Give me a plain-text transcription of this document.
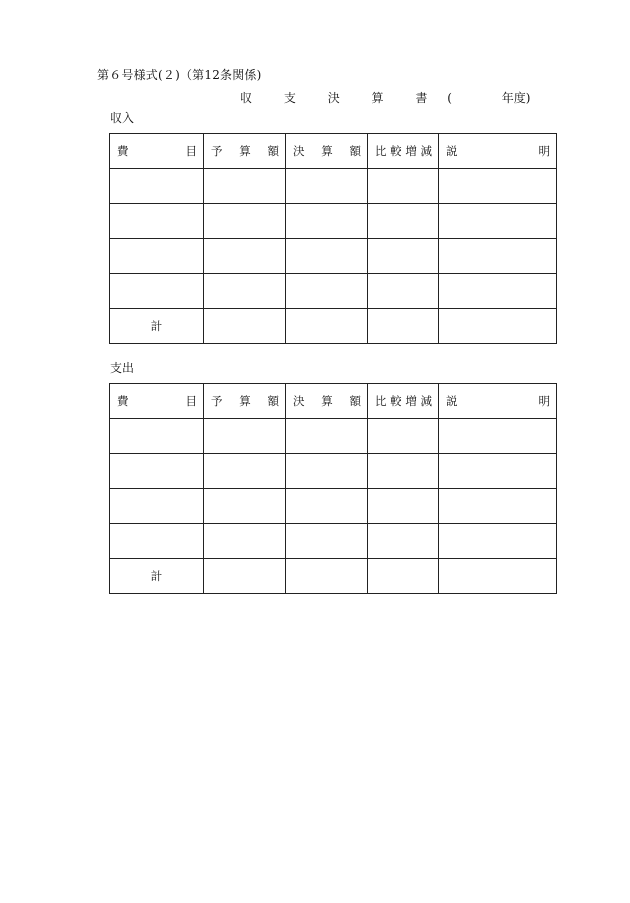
第６号様式(２)（第12条関係)
収	支	決	算	書 (	年度)
収入
費 目	予 算 額	決 算 額	比 較 増 減	説 明

計				
支出
費 目	予 算 額	決 算 額	比 較 増 減	説 明

計				
